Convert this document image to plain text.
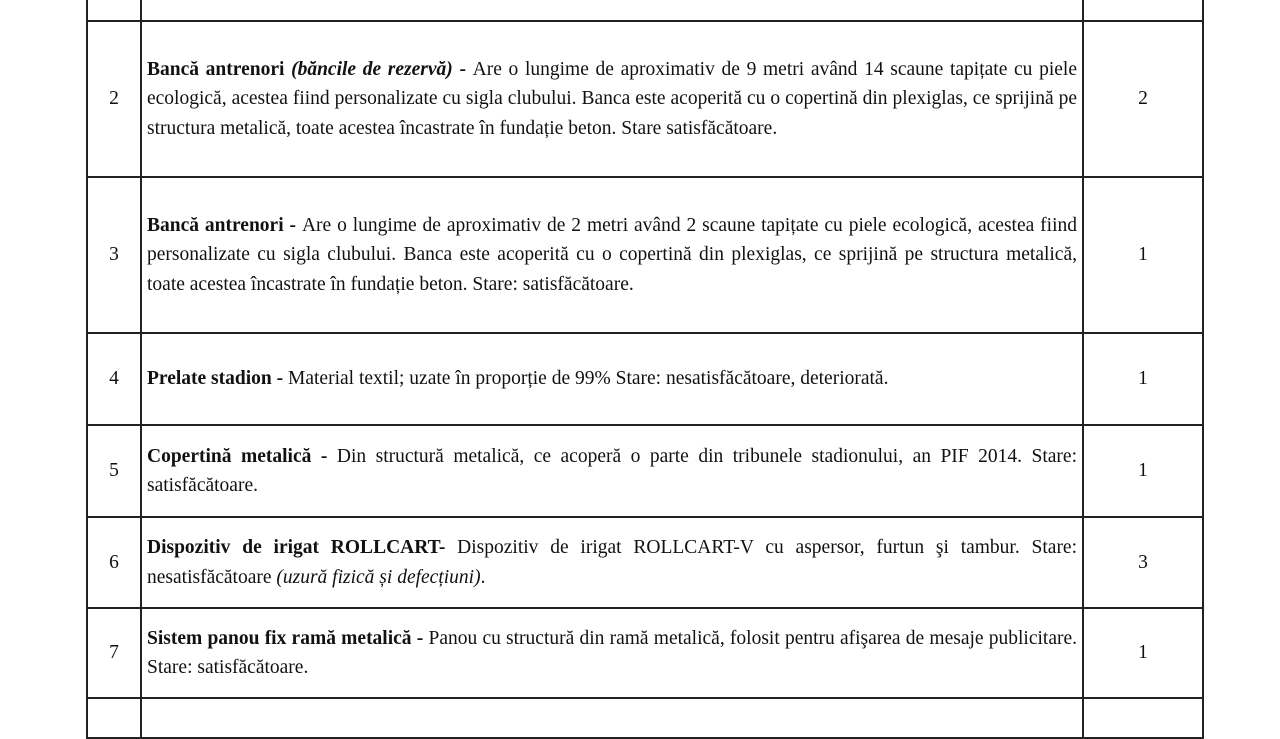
2	Bancă antrenori (băncile de rezervă) - Are o lungime de aproximativ de 9 metri având 14 scaune tapițate cu piele ecologică, acestea fiind personalizate cu sigla clubului. Banca este acoperită cu o copertină din plexiglas, ce sprijină pe structura metalică, toate acestea încastrate în fundație beton. Stare satisfăcătoare.	2
3	Bancă antrenori - Are o lungime de aproximativ de 2 metri având 2 scaune tapițate cu piele ecologică, acestea fiind personalizate cu sigla clubului. Banca este acoperită cu o copertină din plexiglas, ce sprijină pe structura metalică, toate acestea încastrate în fundație beton. Stare: satisfăcătoare.	1
4	Prelate stadion - Material textil; uzate în proporție de 99% Stare: nesatisfăcătoare, deteriorată.	1
5	Copertină metalică - Din structură metalică, ce acoperă o parte din tribunele stadionului, an PIF 2014. Stare: satisfăcătoare.	1
6	Dispozitiv de irigat ROLLCART- Dispozitiv de irigat ROLLCART-V cu aspersor, furtun şi tambur. Stare: nesatisfăcătoare (uzură fizică și defecțiuni).	3
7	Sistem panou fix ramă metalică - Panou cu structură din ramă metalică, folosit pentru afişarea de mesaje publicitare. Stare: satisfăcătoare.	1
